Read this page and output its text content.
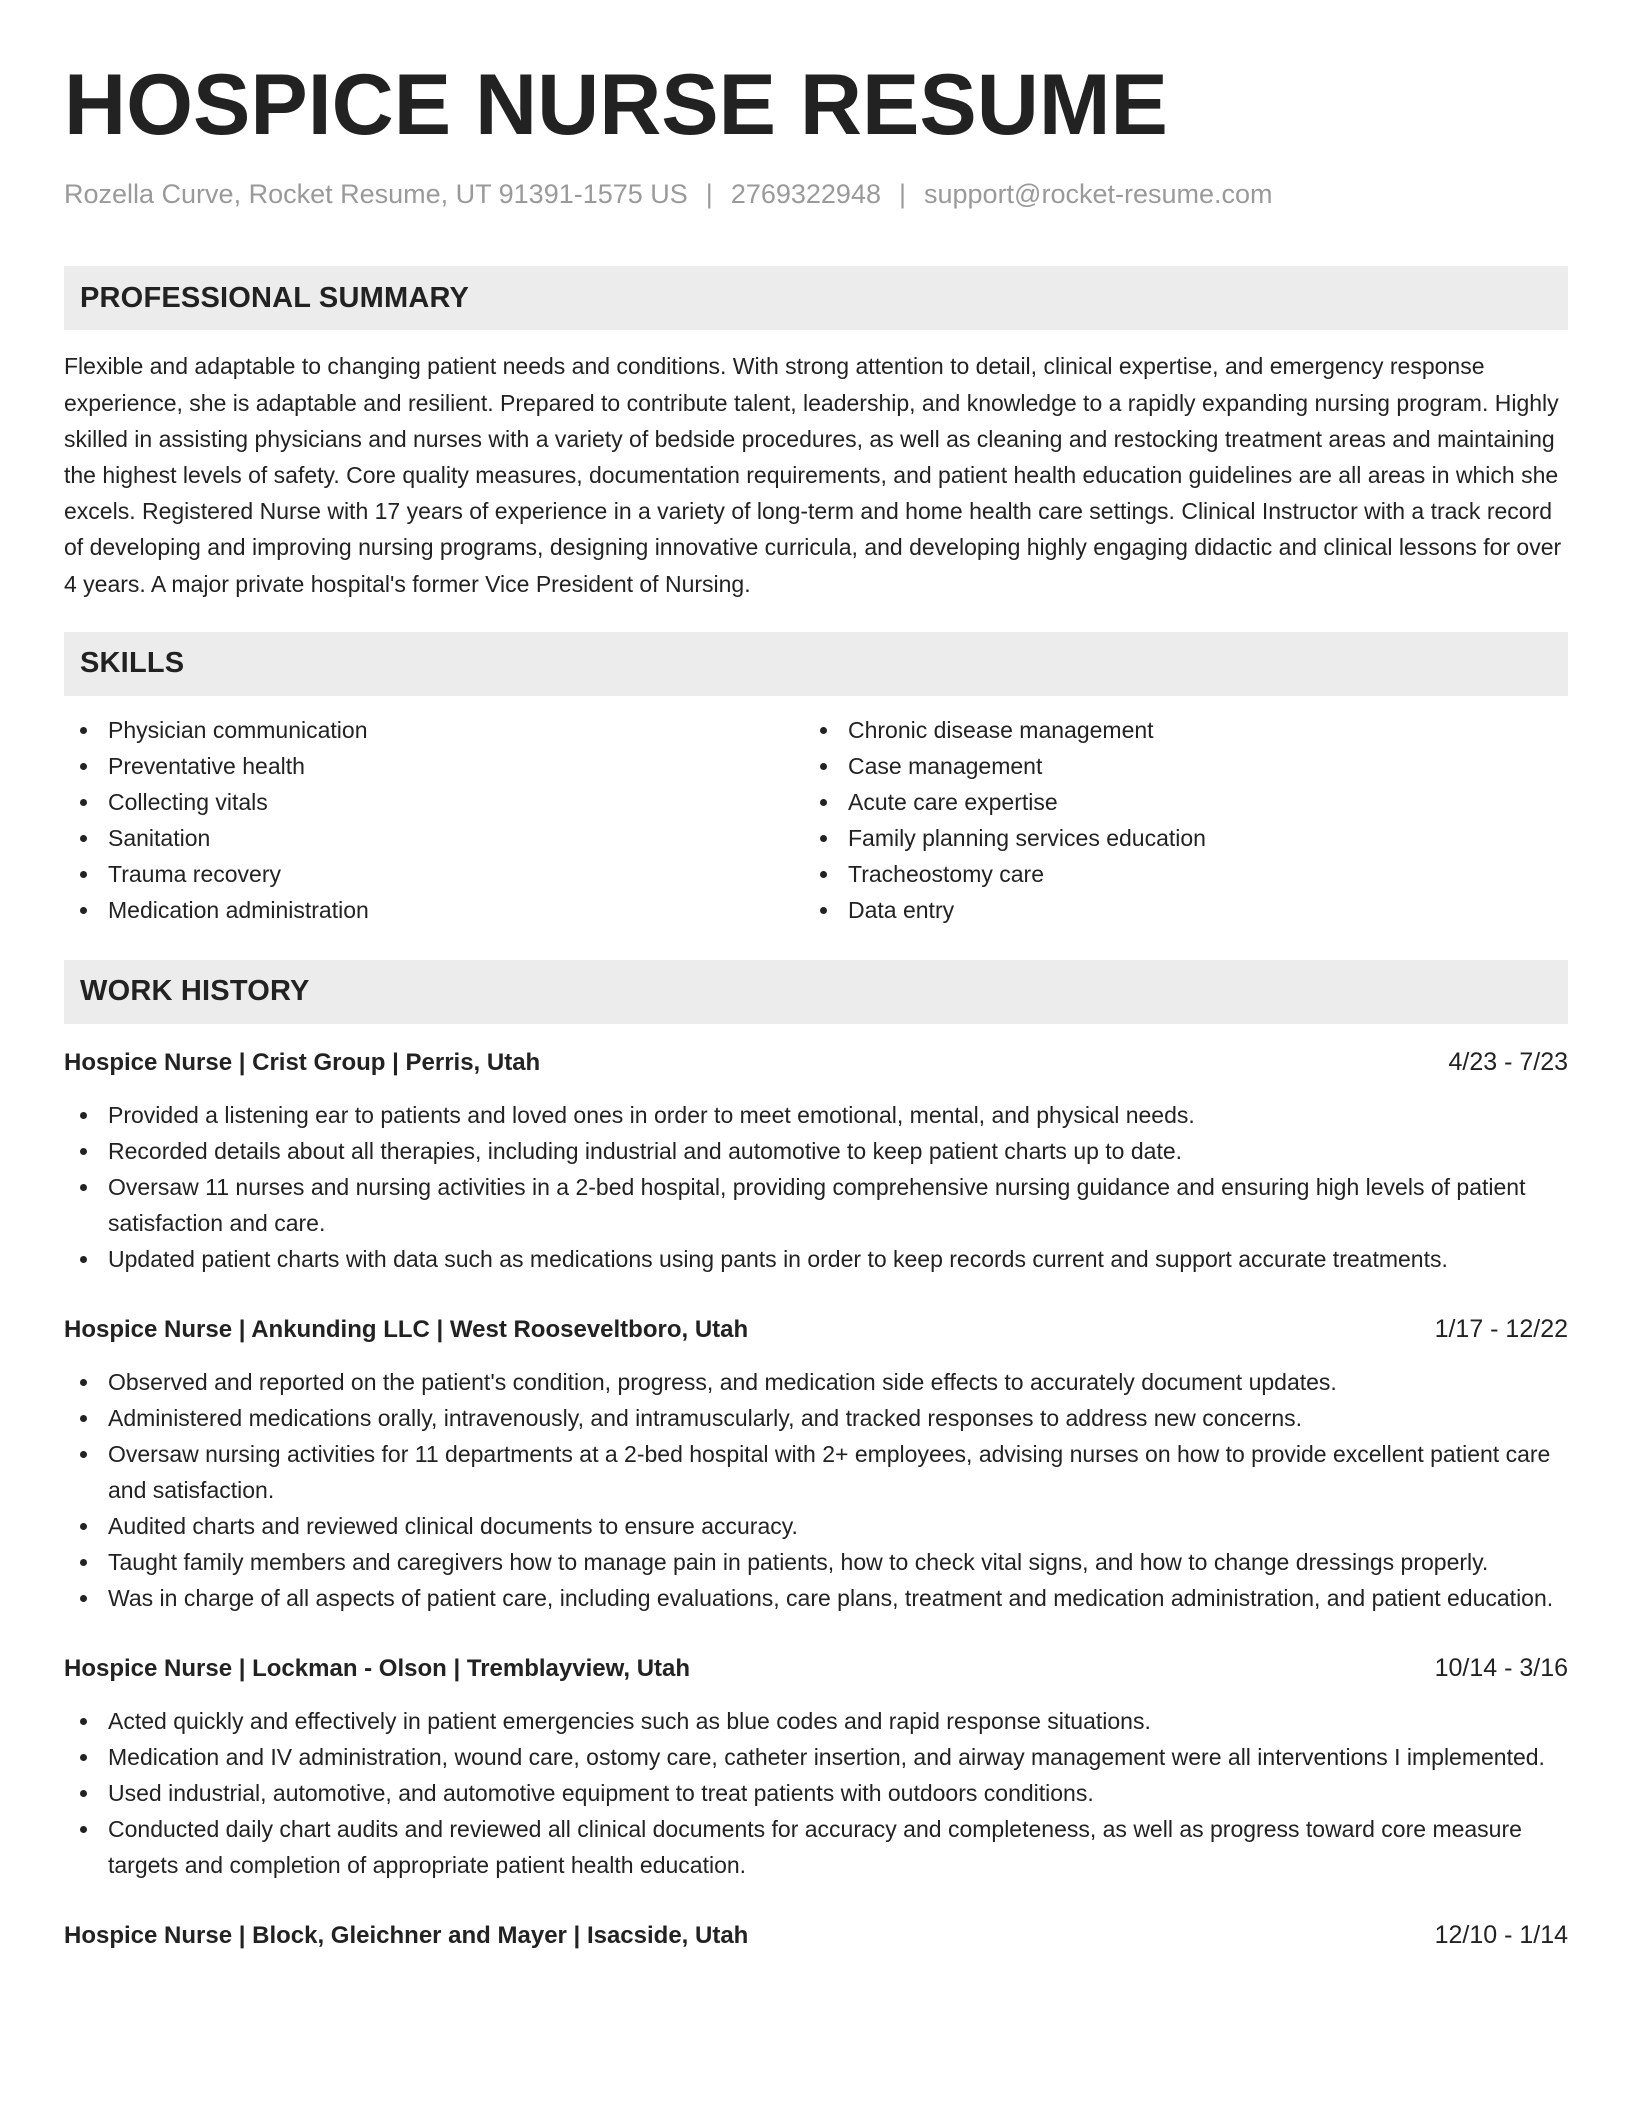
HOSPICE NURSE RESUME
Rozella Curve, Rocket Resume, UT 91391-1575 US | 2769322948 | support@rocket-resume.com
PROFESSIONAL SUMMARY
Flexible and adaptable to changing patient needs and conditions. With strong attention to detail, clinical expertise, and emergency response experience, she is adaptable and resilient. Prepared to contribute talent, leadership, and knowledge to a rapidly expanding nursing program. Highly skilled in assisting physicians and nurses with a variety of bedside procedures, as well as cleaning and restocking treatment areas and maintaining the highest levels of safety. Core quality measures, documentation requirements, and patient health education guidelines are all areas in which she excels. Registered Nurse with 17 years of experience in a variety of long-term and home health care settings. Clinical Instructor with a track record of developing and improving nursing programs, designing innovative curricula, and developing highly engaging didactic and clinical lessons for over 4 years. A major private hospital's former Vice President of Nursing.
SKILLS
Physician communication
Preventative health
Collecting vitals
Sanitation
Trauma recovery
Medication administration
Chronic disease management
Case management
Acute care expertise
Family planning services education
Tracheostomy care
Data entry
WORK HISTORY
Hospice Nurse | Crist Group | Perris, Utah	4/23 - 7/23
Provided a listening ear to patients and loved ones in order to meet emotional, mental, and physical needs.
Recorded details about all therapies, including industrial and automotive to keep patient charts up to date.
Oversaw 11 nurses and nursing activities in a 2-bed hospital, providing comprehensive nursing guidance and ensuring high levels of patient satisfaction and care.
Updated patient charts with data such as medications using pants in order to keep records current and support accurate treatments.
Hospice Nurse | Ankunding LLC | West Rooseveltboro, Utah	1/17 - 12/22
Observed and reported on the patient's condition, progress, and medication side effects to accurately document updates.
Administered medications orally, intravenously, and intramuscularly, and tracked responses to address new concerns.
Oversaw nursing activities for 11 departments at a 2-bed hospital with 2+ employees, advising nurses on how to provide excellent patient care and satisfaction.
Audited charts and reviewed clinical documents to ensure accuracy.
Taught family members and caregivers how to manage pain in patients, how to check vital signs, and how to change dressings properly.
Was in charge of all aspects of patient care, including evaluations, care plans, treatment and medication administration, and patient education.
Hospice Nurse | Lockman - Olson | Tremblayview, Utah	10/14 - 3/16
Acted quickly and effectively in patient emergencies such as blue codes and rapid response situations.
Medication and IV administration, wound care, ostomy care, catheter insertion, and airway management were all interventions I implemented.
Used industrial, automotive, and automotive equipment to treat patients with outdoors conditions.
Conducted daily chart audits and reviewed all clinical documents for accuracy and completeness, as well as progress toward core measure targets and completion of appropriate patient health education.
Hospice Nurse | Block, Gleichner and Mayer | Isacside, Utah	12/10 - 1/14
